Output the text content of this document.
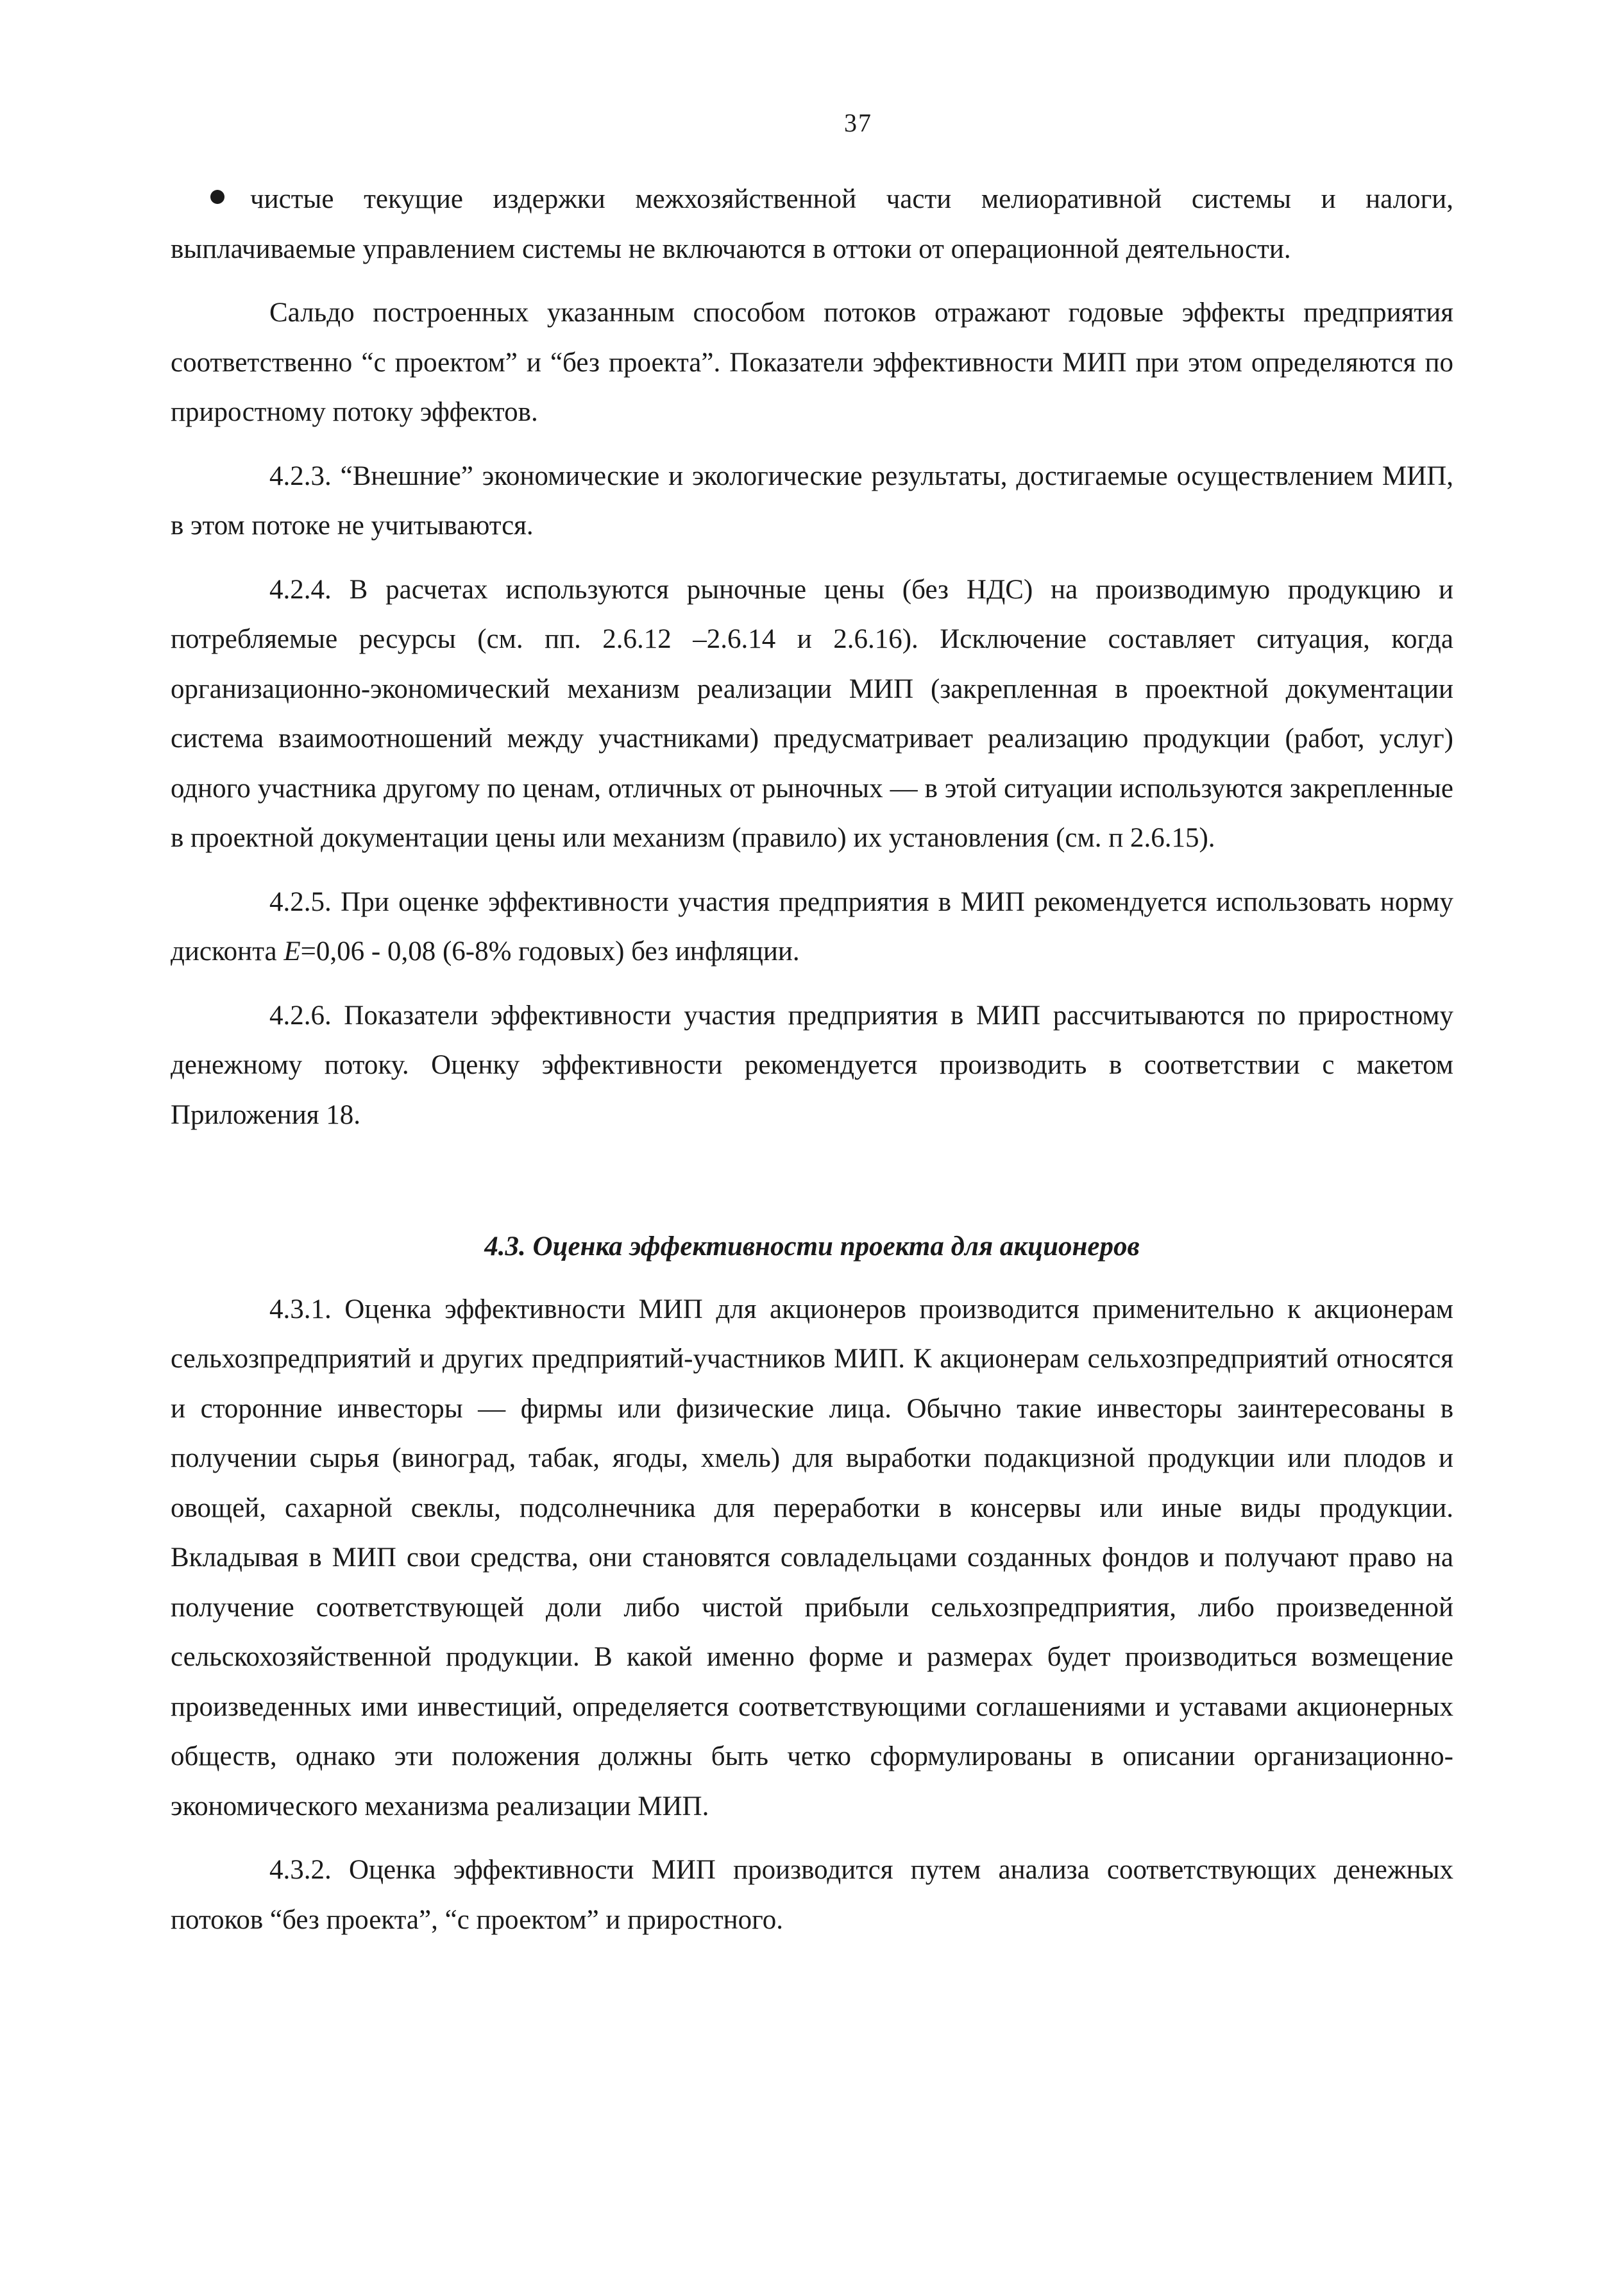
37

чистые текущие издержки межхозяйственной части мелиоративной системы и налоги, выплачиваемые управлением системы не включаются в оттоки от операционной деятельности.

Сальдо построенных указанным способом потоков отражают годовые эффекты предприятия соответственно “с проектом” и “без проекта”. Показатели эффективности МИП при этом определяются по приростному потоку эффектов.

4.2.3. “Внешние” экономические и экологические результаты, достигаемые осуществлением МИП, в этом потоке не учитываются.

4.2.4. В расчетах используются рыночные цены (без НДС) на производимую продукцию и потребляемые ресурсы (см. пп. 2.6.12 –2.6.14 и 2.6.16). Исключение составляет ситуация, когда организационно-экономический механизм реализации МИП (закрепленная в проектной документации система взаимоотношений между участниками) предусматривает реализацию продукции (работ, услуг) одного участника другому по ценам, отличных от рыночных — в этой ситуации используются закрепленные в проектной документации цены или механизм (правило) их установления (см. п 2.6.15).

4.2.5. При оценке эффективности участия предприятия в МИП рекомендуется использовать норму дисконта E=0,06 - 0,08 (6-8% годовых) без инфляции.

4.2.6. Показатели эффективности участия предприятия в МИП рассчитываются по приростному денежному потоку. Оценку эффективности рекомендуется производить в соответствии с макетом Приложения 18.

4.3. Оценка эффективности проекта для акционеров

4.3.1. Оценка эффективности МИП для акционеров производится применительно к акционерам сельхозпредприятий и других предприятий-участников МИП. К акционерам сельхозпредприятий относятся и сторонние инвесторы — фирмы или физические лица. Обычно такие инвесторы заинтересованы в получении сырья (виноград, табак, ягоды, хмель) для выработки подакцизной продукции или плодов и овощей, сахарной свеклы, подсолнечника для переработки в консервы или иные виды продукции. Вкладывая в МИП свои средства, они становятся совладельцами созданных фондов и получают право на получение соответствующей доли либо чистой прибыли сельхозпредприятия, либо произведенной сельскохозяйственной продукции. В какой именно форме и размерах будет производиться возмещение произведенных ими инвестиций, определяется соответствующими соглашениями и уставами акционерных обществ, однако эти положения должны быть четко сформулированы в описании организационно-экономического механизма реализации МИП.

4.3.2. Оценка эффективности МИП производится путем анализа соответствующих денежных потоков “без проекта”, “с проектом” и приростного.
